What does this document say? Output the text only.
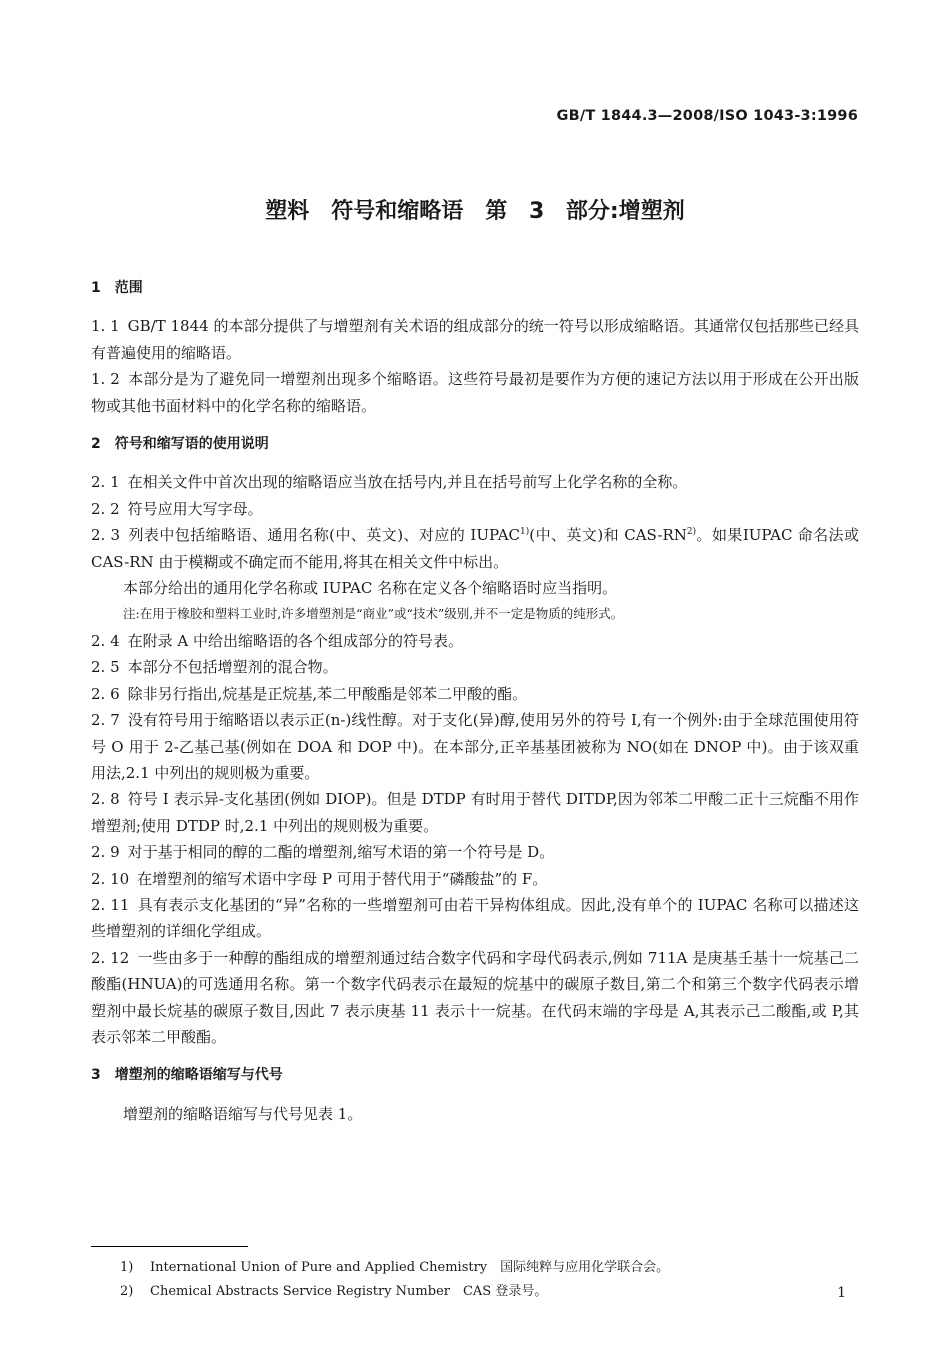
GB/T 1844.3—2008/ISO 1043-3:1996
塑料　符号和缩略语　第 3 部分:增塑剂

1　范围

1. 1 GB/T 1844 的本部分提供了与增塑剂有关术语的组成部分的统一符号以形成缩略语。其通常仅包括那些已经具有普遍使用的缩略语。

1. 2 本部分是为了避免同一增塑剂出现多个缩略语。这些符号最初是要作为方便的速记方法以用于形成在公开出版物或其他书面材料中的化学名称的缩略语。

2　符号和缩写语的使用说明

2. 1 在相关文件中首次出现的缩略语应当放在括号内,并且在括号前写上化学名称的全称。

2. 2 符号应用大写字母。

2. 3 列表中包括缩略语、通用名称(中、英文)、对应的 IUPAC$^{1)}$(中、英文)和 CAS-RN$^{2)}$。如果IUPAC 命名法或 CAS-RN 由于模糊或不确定而不能用,将其在相关文件中标出。

本部分给出的通用化学名称或 IUPAC 名称在定义各个缩略语时应当指明。

注:在用于橡胶和塑料工业时,许多增塑剂是“商业”或“技术”级别,并不一定是物质的纯形式。

2. 4 在附录 A 中给出缩略语的各个组成部分的符号表。

2. 5 本部分不包括增塑剂的混合物。

2. 6 除非另行指出,烷基是正烷基,苯二甲酸酯是邻苯二甲酸的酯。

2. 7 没有符号用于缩略语以表示正(n-)线性醇。对于支化(异)醇,使用另外的符号 I,有一个例外:由于全球范围使用符号 O 用于 2-乙基己基(例如在 DOA 和 DOP 中)。在本部分,正辛基基团被称为 NO(如在 DNOP 中)。由于该双重用法,2.1 中列出的规则极为重要。

2. 8 符号 I 表示异-支化基团(例如 DIOP)。但是 DTDP 有时用于替代 DITDP,因为邻苯二甲酸二正十三烷酯不用作增塑剂;使用 DTDP 时,2.1 中列出的规则极为重要。

2. 9 对于基于相同的醇的二酯的增塑剂,缩写术语的第一个符号是 D。

2. 10 在增塑剂的缩写术语中字母 P 可用于替代用于“磷酸盐”的 F。

2. 11 具有表示支化基团的“异”名称的一些增塑剂可由若干异构体组成。因此,没有单个的 IUPAC 名称可以描述这些增塑剂的详细化学组成。

2. 12 一些由多于一种醇的酯组成的增塑剂通过结合数字代码和字母代码表示,例如 711A 是庚基壬基十一烷基己二酸酯(HNUA)的可选通用名称。第一个数字代码表示在最短的烷基中的碳原子数目,第二个和第三个数字代码表示增塑剂中最长烷基的碳原子数目,因此 7 表示庚基 11 表示十一烷基。在代码末端的字母是 A,其表示己二酸酯,或 P,其表示邻苯二甲酸酯。

3　增塑剂的缩略语缩写与代号

增塑剂的缩略语缩写与代号见表 1。

1) International Union of Pure and Applied Chemistry　国际纯粹与应用化学联合会。
2) Chemical Abstracts Service Registry Number　CAS 登录号。	1
